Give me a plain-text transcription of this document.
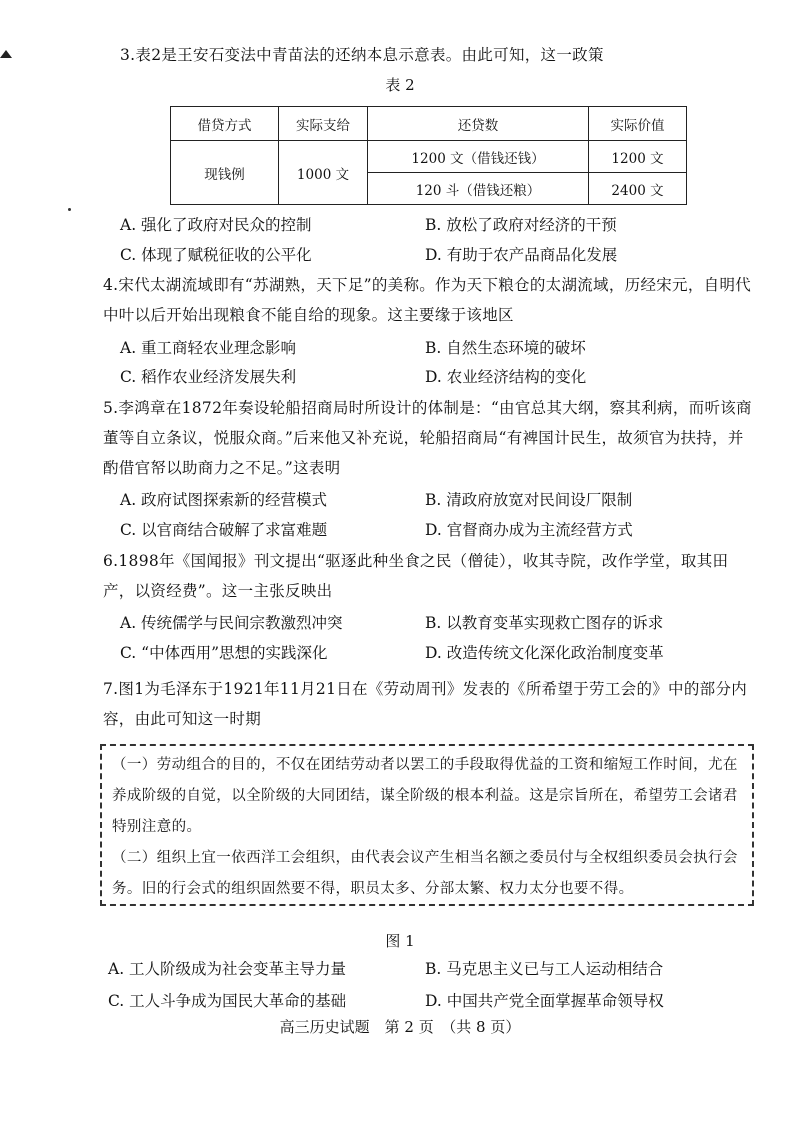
3.表2是王安石变法中青苗法的还纳本息示意表。由此可知，这一政策
表 2
借贷方式	实际支给	还贷数	实际价值
现钱例	1000 文	1200 文（借钱还钱）	1200 文
		120 斗（借钱还粮）	2400 文
A. 强化了政府对民众的控制	B. 放松了政府对经济的干预
C. 体现了赋税征收的公平化	D. 有助于农产品商品化发展
4.宋代太湖流域即有“苏湖熟，天下足”的美称。作为天下粮仓的太湖流域，历经宋元，自明代中叶以后开始出现粮食不能自给的现象。这主要缘于该地区
A. 重工商轻农业理念影响	B. 自然生态环境的破坏
C. 稻作农业经济发展失利	D. 农业经济结构的变化
5.李鸿章在1872年奏设轮船招商局时所设计的体制是：“由官总其大纲，察其利病，而听该商董等自立条议，悦服众商。”后来他又补充说，轮船招商局“有裨国计民生，故须官为扶持，并酌借官帑以助商力之不足。”这表明
A. 政府试图探索新的经营模式	B. 清政府放宽对民间设厂限制
C. 以官商结合破解了求富难题	D. 官督商办成为主流经营方式
6.1898年《国闻报》刊文提出“驱逐此种坐食之民（僧徒），收其寺院，改作学堂，取其田产，以资经费”。这一主张反映出
A. 传统儒学与民间宗教激烈冲突	B. 以教育变革实现救亡图存的诉求
C. “中体西用”思想的实践深化	D. 改造传统文化深化政治制度变革
7.图1为毛泽东于1921年11月21日在《劳动周刊》发表的《所希望于劳工会的》中的部分内容，由此可知这一时期

（一）劳动组合的目的，不仅在团结劳动者以罢工的手段取得优益的工资和缩短工作时间，尤在养成阶级的自觉，以全阶级的大同团结，谋全阶级的根本利益。这是宗旨所在，希望劳工会诸君特别注意的。

（二）组织上宜一依西洋工会组织，由代表会议产生相当名额之委员付与全权组织委员会执行会务。旧的行会式的组织固然要不得，职员太多、分部太繁、权力太分也要不得。

图 1
A. 工人阶级成为社会变革主导力量	B. 马克思主义已与工人运动相结合
C. 工人斗争成为国民大革命的基础	D. 中国共产党全面掌握革命领导权
高三历史试题　第 2 页　（共 8 页）
